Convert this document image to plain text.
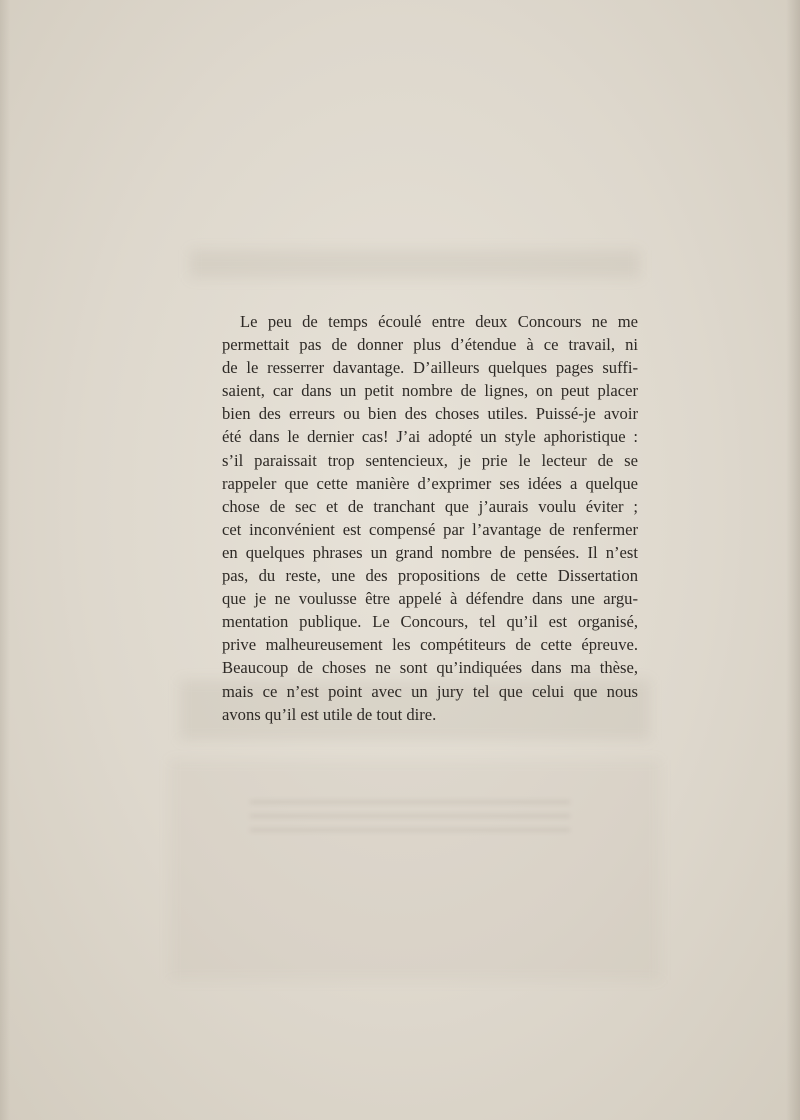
Le peu de temps écoulé entre deux Concours ne me
permettait pas de donner plus d’étendue à ce travail, ni
de le resserrer davantage. D’ailleurs quelques pages suffi-
saient, car dans un petit nombre de lignes, on peut placer
bien des erreurs ou bien des choses utiles. Puissé-je avoir
été dans le dernier cas! J’ai adopté un style aphoristique :
s’il paraissait trop sentencieux, je prie le lecteur de se
rappeler que cette manière d’exprimer ses idées a quelque
chose de sec et de tranchant que j’aurais voulu éviter ;
cet inconvénient est compensé par l’avantage de renfermer
en quelques phrases un grand nombre de pensées. Il n’est
pas, du reste, une des propositions de cette Dissertation
que je ne voulusse être appelé à défendre dans une argu-
mentation publique. Le Concours, tel qu’il est organisé,
prive malheureusement les compétiteurs de cette épreuve.
Beaucoup de choses ne sont qu’indiquées dans ma thèse,
mais ce n’est point avec un jury tel que celui que nous
avons qu’il est utile de tout dire.
